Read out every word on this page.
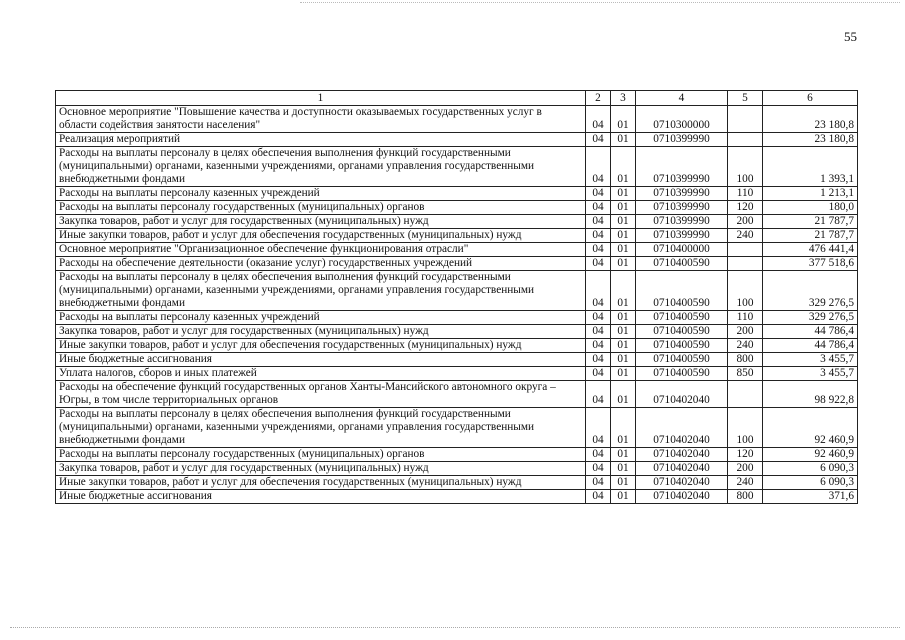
55
1	2	3	4	5	6
Основное мероприятие "Повышение качества и доступности оказываемых государственных услуг в области содействия занятости населения"	04	01	0710300000		23 180,8
Реализация мероприятий	04	01	0710399990		23 180,8
Расходы на выплаты персоналу в целях обеспечения выполнения функций государственными (муниципальными) органами, казенными учреждениями, органами управления государственными внебюджетными фондами	04	01	0710399990	100	1 393,1
Расходы на выплаты персоналу казенных учреждений	04	01	0710399990	110	1 213,1
Расходы на выплаты персоналу государственных (муниципальных) органов	04	01	0710399990	120	180,0
Закупка товаров, работ и услуг для государственных (муниципальных) нужд	04	01	0710399990	200	21 787,7
Иные закупки товаров, работ и услуг для обеспечения государственных (муниципальных) нужд	04	01	0710399990	240	21 787,7
Основное мероприятие "Организационное обеспечение функционирования отрасли"	04	01	0710400000		476 441,4
Расходы на обеспечение деятельности (оказание услуг) государственных учреждений	04	01	0710400590		377 518,6
Расходы на выплаты персоналу в целях обеспечения выполнения функций государственными (муниципальными) органами, казенными учреждениями, органами управления государственными внебюджетными фондами	04	01	0710400590	100	329 276,5
Расходы на выплаты персоналу казенных учреждений	04	01	0710400590	110	329 276,5
Закупка товаров, работ и услуг для государственных (муниципальных) нужд	04	01	0710400590	200	44 786,4
Иные закупки товаров, работ и услуг для обеспечения государственных (муниципальных) нужд	04	01	0710400590	240	44 786,4
Иные бюджетные ассигнования	04	01	0710400590	800	3 455,7
Уплата налогов, сборов и иных платежей	04	01	0710400590	850	3 455,7
Расходы на обеспечение функций государственных органов Ханты-Мансийского автономного округа – Югры, в том числе территориальных органов	04	01	0710402040		98 922,8
Расходы на выплаты персоналу в целях обеспечения выполнения функций государственными (муниципальными) органами, казенными учреждениями, органами управления государственными внебюджетными фондами	04	01	0710402040	100	92 460,9
Расходы на выплаты персоналу государственных (муниципальных) органов	04	01	0710402040	120	92 460,9
Закупка товаров, работ и услуг для государственных (муниципальных) нужд	04	01	0710402040	200	6 090,3
Иные закупки товаров, работ и услуг для обеспечения государственных (муниципальных) нужд	04	01	0710402040	240	6 090,3
Иные бюджетные ассигнования	04	01	0710402040	800	371,6
